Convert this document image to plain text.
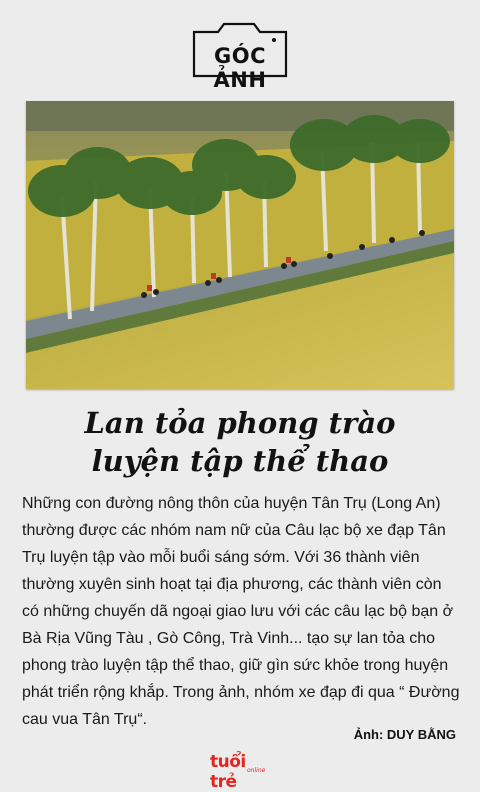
GÓC ẢNH
Lan tỏa phong trào
luyện tập thể thao
Những con đường nông thôn của huyện Tân Trụ (Long An) thường được các nhóm nam nữ của Câu lạc bộ xe đạp Tân Trụ luyện tập vào mỗi buổi sáng sớm. Với 36 thành viên thường xuyên sinh hoạt tại địa phương, các thành viên còn có những chuyến dã ngoại giao lưu với các câu lạc bộ bạn ở Bà Rịa Vũng Tàu , Gò Công, Trà Vinh... tạo sự lan tỏa cho phong trào luyện tập thể thao, giữ gìn sức khỏe trong huyện phát triển rộng khắp. Trong ảnh, nhóm xe đạp đi qua “ Đường cau vua Tân Trụ“.
Ảnh: DUY BẰNG
tuổi trẻ
online
